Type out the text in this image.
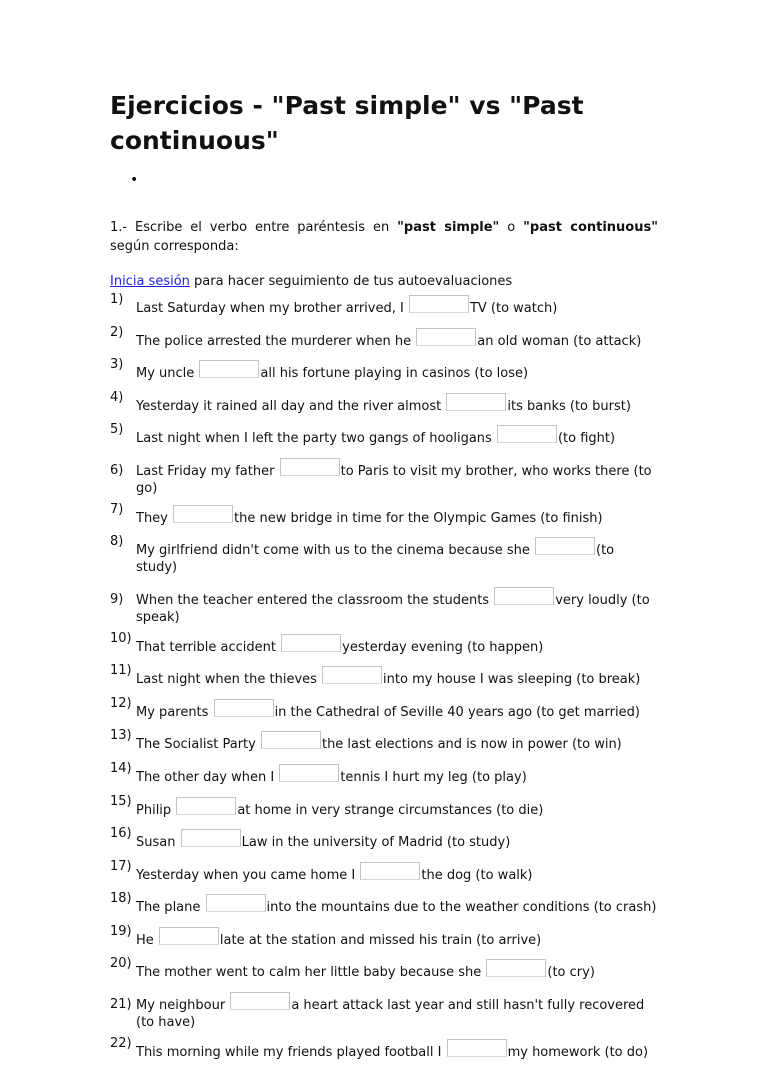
Ejercicios - "Past simple" vs "Past continuous"
•

1.- Escribe el verbo entre paréntesis en "past simple" o "past continuous" según corresponda:

Inicia sesión para hacer seguimiento de tus autoevaluaciones
1)
Last Saturday when my brother arrived, I	TV (to watch)
2)
The police arrested the murderer when he	an old woman (to attack)
3)
My uncle	all his fortune playing in casinos (to lose)
4)
Yesterday it rained all day and the river almost	its banks (to burst)
5)
Last night when I left the party two gangs of hooligans	(to fight)
6) Last Friday my father	to Paris to visit my brother, who works there (to go)
7)
They	the new bridge in time for the Olympic Games (to finish)
8)
My girlfriend didn't come with us to the cinema because she	(to study)
9) When the teacher entered the classroom the students	very loudly (to speak)
10)
That terrible accident	yesterday evening (to happen)
11)
Last night when the thieves	into my house I was sleeping (to break)
12)
My parents	in the Cathedral of Seville 40 years ago (to get married)
13)
The Socialist Party	the last elections and is now in power (to win)
14)
The other day when I	tennis I hurt my leg (to play)
15)
Philip	at home in very strange circumstances (to die)
16)
Susan	Law in the university of Madrid (to study)
17)
Yesterday when you came home I	the dog (to walk)
18)
The plane	into the mountains due to the weather conditions (to crash)
19)
He	late at the station and missed his train (to arrive)
20)
The mother went to calm her little baby because she	(to cry)
21) My neighbour	a heart attack last year and still hasn't fully recovered (to have)
22)
This morning while my friends played football I	my homework (to do)
